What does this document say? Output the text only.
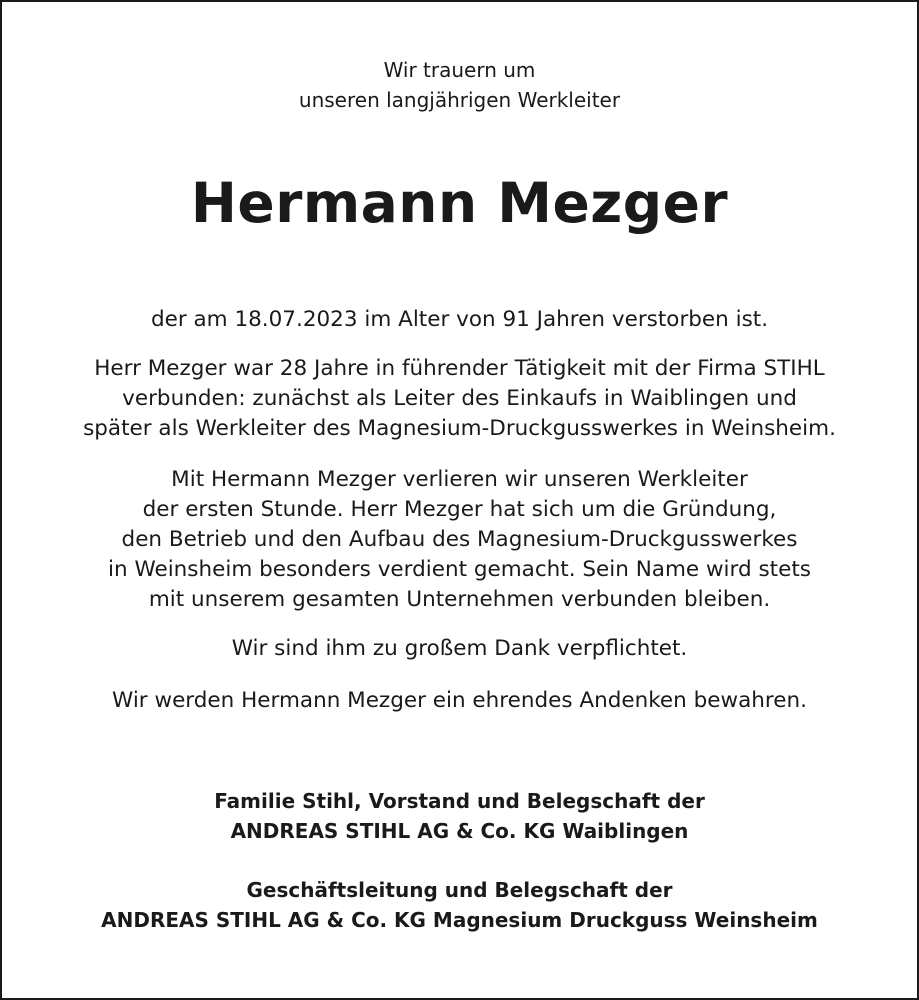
Wir trauern um
unseren langjährigen Werkleiter
Hermann Mezger
der am 18.07.2023 im Alter von 91 Jahren verstorben ist.
Herr Mezger war 28 Jahre in führender Tätigkeit mit der Firma STIHL
verbunden: zunächst als Leiter des Einkaufs in Waiblingen und
später als Werkleiter des Magnesium-Druckgusswerkes in Weinsheim.
Mit Hermann Mezger verlieren wir unseren Werkleiter
der ersten Stunde. Herr Mezger hat sich um die Gründung,
den Betrieb und den Aufbau des Magnesium-Druckgusswerkes
in Weinsheim besonders verdient gemacht. Sein Name wird stets
mit unserem gesamten Unternehmen verbunden bleiben.
Wir sind ihm zu großem Dank verpflichtet.
Wir werden Hermann Mezger ein ehrendes Andenken bewahren.
Familie Stihl, Vorstand und Belegschaft der
ANDREAS STIHL AG & Co. KG Waiblingen
Geschäftsleitung und Belegschaft der
ANDREAS STIHL AG & Co. KG Magnesium Druckguss Weinsheim
